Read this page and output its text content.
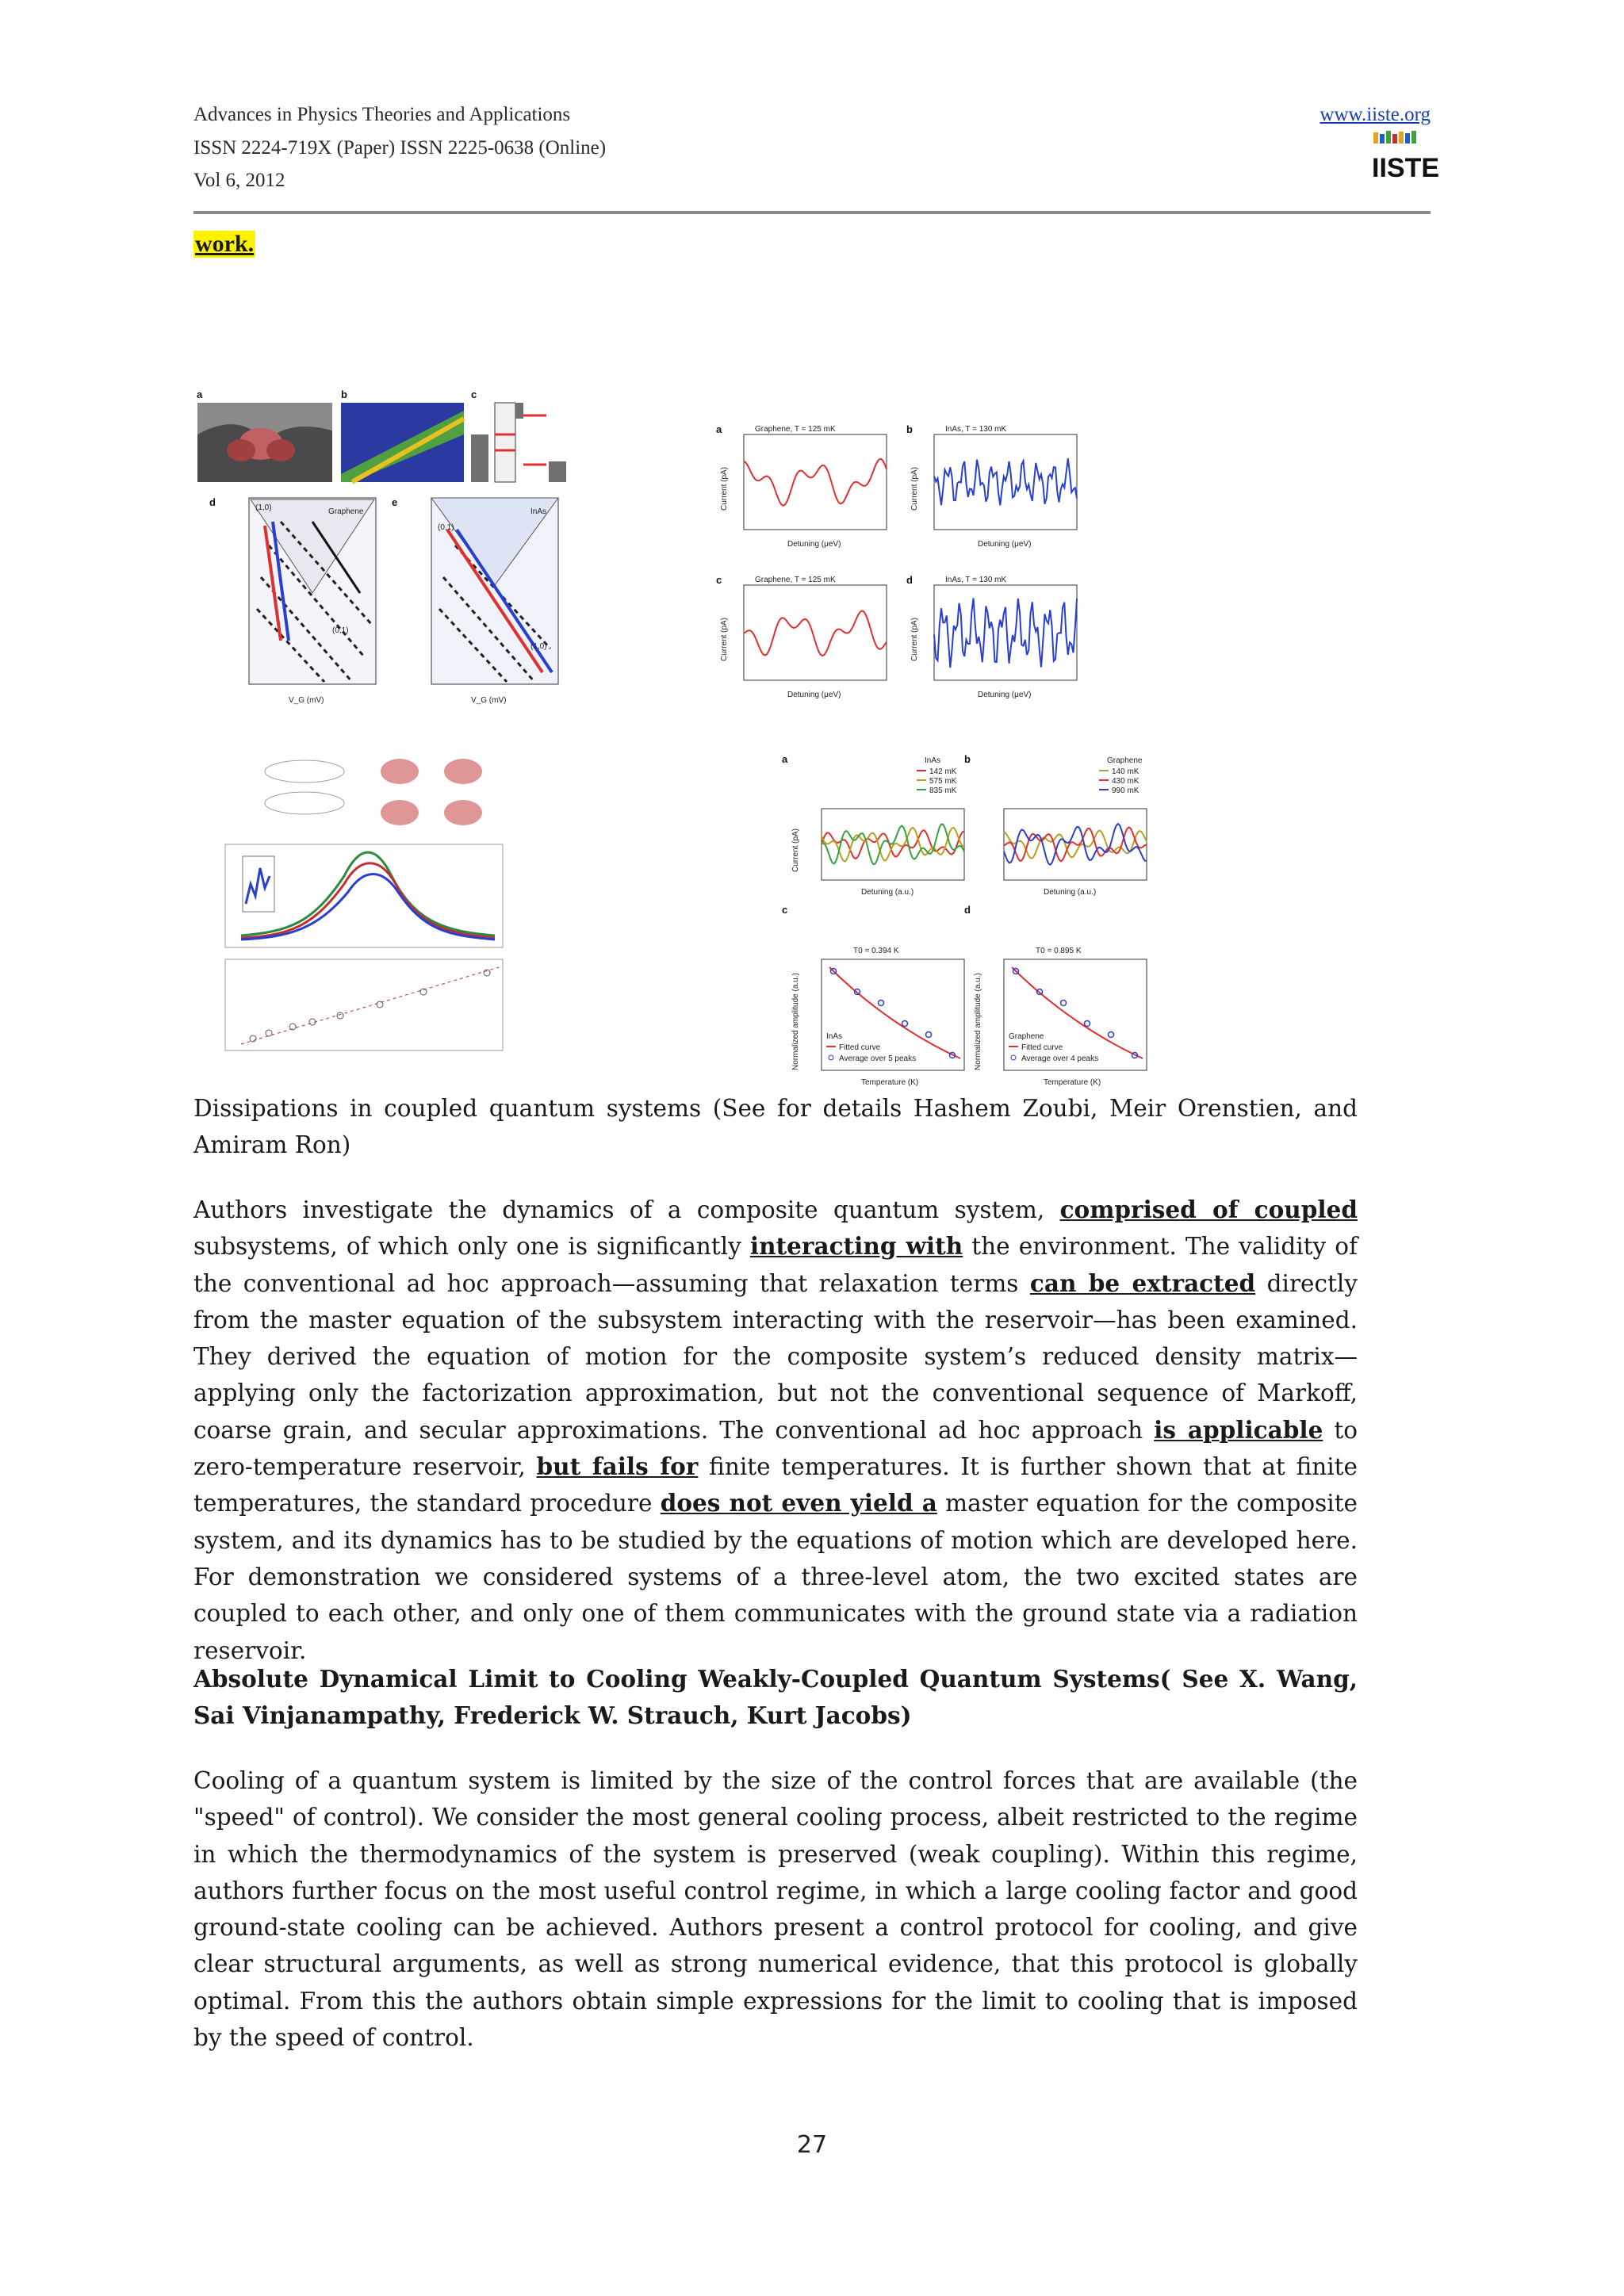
Advances in Physics Theories and Applications
ISSN 2224-719X (Paper) ISSN 2225-0638 (Online)
Vol 6, 2012
www.iiste.org
IISTE
work.
a	b	c
d
Graphene
(1,0)
(0,1)
V_G (mV)
e
InAs
(0,1)
(1,0)
V_G (mV)
a	Graphene, T = 125 mK
Detuning (μeV)
Current (pA)
b	InAs, T = 130 mK
Detuning (μeV)
Current (pA)
c	Graphene, T = 125 mK
Detuning (μeV)
Current (pA)
d	InAs, T = 130 mK
Detuning (μeV)
Current (pA)
a	InAs
142 mK
575 mK
835 mK
Detuning (a.u.)
Current (pA)
b	Graphene
140 mK
430 mK
990 mK
Detuning (a.u.)
c
T0 = 0.394 K
InAs
Fitted curve
Average over 5 peaks
Temperature (K)
Normalized amplitude (a.u.)
d
T0 = 0.895 K
Graphene
Fitted curve
Average over 4 peaks
Temperature (K)
Normalized amplitude (a.u.)
Dissipations in coupled quantum systems (See for details Hashem Zoubi, Meir Orenstien, and Amiram Ron)
Authors investigate the dynamics of a composite quantum system, comprised of coupled subsystems, of which only one is significantly interacting with the environment. The validity of the conventional ad hoc approach—assuming that relaxation terms can be extracted directly from the master equation of the subsystem interacting with the reservoir—has been examined. They derived the equation of motion for the composite system’s reduced density matrix—applying only the factorization approximation, but not the conventional sequence of Markoff, coarse grain, and secular approximations. The conventional ad hoc approach is applicable to zero-temperature reservoir, but fails for finite temperatures. It is further shown that at finite temperatures, the standard procedure does not even yield a master equation for the composite system, and its dynamics has to be studied by the equations of motion which are developed here. For demonstration we considered systems of a three-level atom, the two excited states are coupled to each other, and only one of them communicates with the ground state via a radiation reservoir.
Absolute Dynamical Limit to Cooling Weakly-Coupled Quantum Systems( See X. Wang, Sai Vinjanampathy, Frederick W. Strauch, Kurt Jacobs)
Cooling of a quantum system is limited by the size of the control forces that are available (the "speed" of control). We consider the most general cooling process, albeit restricted to the regime in which the thermodynamics of the system is preserved (weak coupling). Within this regime, authors further focus on the most useful control regime, in which a large cooling factor and good ground-state cooling can be achieved. Authors present a control protocol for cooling, and give clear structural arguments, as well as strong numerical evidence, that this protocol is globally optimal. From this the authors obtain simple expressions for the limit to cooling that is imposed by the speed of control.
27
